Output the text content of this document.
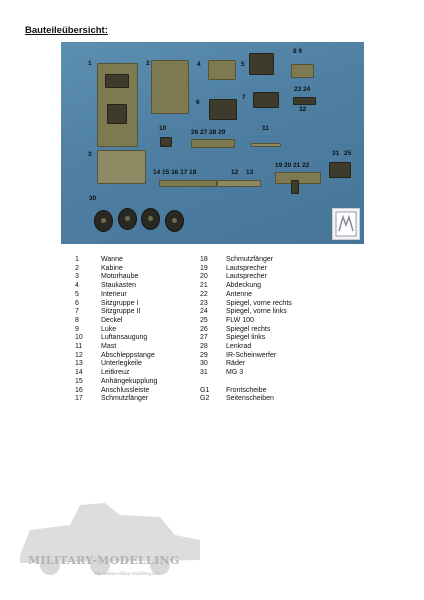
Bauteileübersicht:
1	2
3
4	5
6
7
8 9
10	11
12 13
14 15 16 17 18
19 20 21 22
23 24
25
26 27 28 29
30
31
32
1	Wanne
2	Kabine
3	Motorhaube
4	Staukasten
5	Interieur
6	Sitzgruppe I
7	Sitzgruppe II
8	Deckel
9	Luke
10	Luftansaugung
11	Mast
12	Abschleppstange
13	Unterlegkeile
14	Leitkreuz
15	Anhängekupplung
16	Anschlussleiste
17	Schmutzfänger
18	Schmutzfänger
19	Lautsprecher
20	Lautsprecher
21	Abdeckung
22	Antenne
23	Spiegel, vorne rechts
24	Spiegel, vorne links
25	FLW 100
26	Spiegel rechts
27	Spiegel links
28	Lenkrad
29	IR-Scheinwerfer
30	Räder
31	MG 3

G1	Frontscheibe
G2	Seitenscheiben
MILITARY-MODELLING
http://www.military-modelling.info
